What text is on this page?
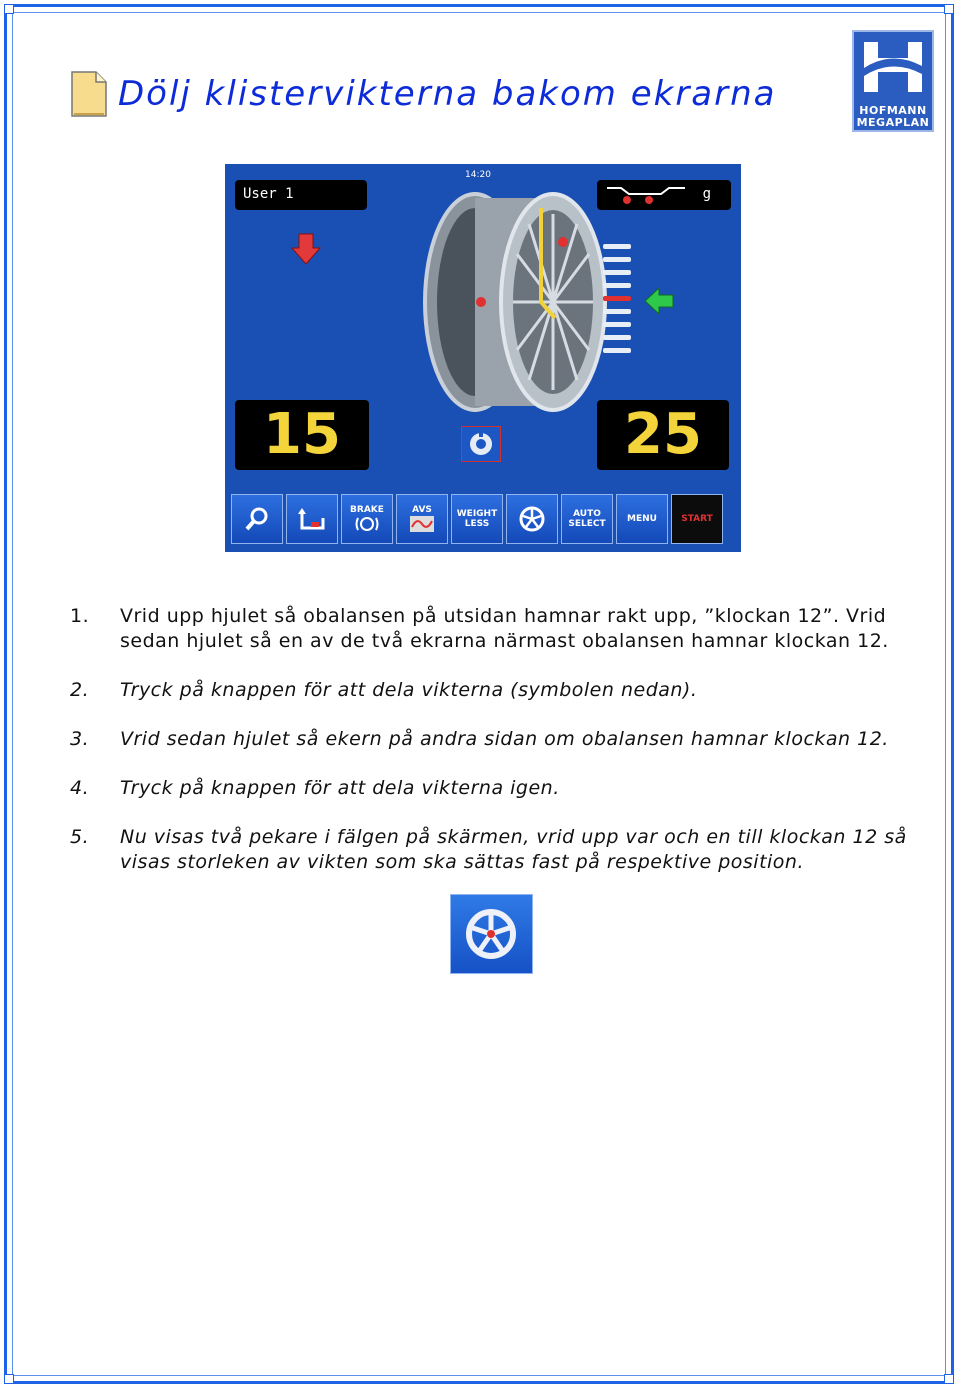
Dölj klistervikterna bakom ekrarna	HOFMANN
MEGAPLAN
14:20
User 1	g
15	25
BRAKE	AVS	WEIGHT LESS
AUTO SELECT	MENU	START
1.	Vrid upp hjulet så obalansen på utsidan hamnar rakt upp, ”klockan 12”. Vrid sedan hjulet så en av de två ekrarna närmast obalansen hamnar klockan 12.
2.	Tryck på knappen för att dela vikterna (symbolen nedan).
3.	Vrid sedan hjulet så ekern på andra sidan om obalansen hamnar klockan 12.
4.	Tryck på knappen för att dela vikterna igen.
5.	Nu visas två pekare i fälgen på skärmen, vrid upp var och en till klockan 12 så visas storleken av vikten som ska sättas fast på respektive position.
